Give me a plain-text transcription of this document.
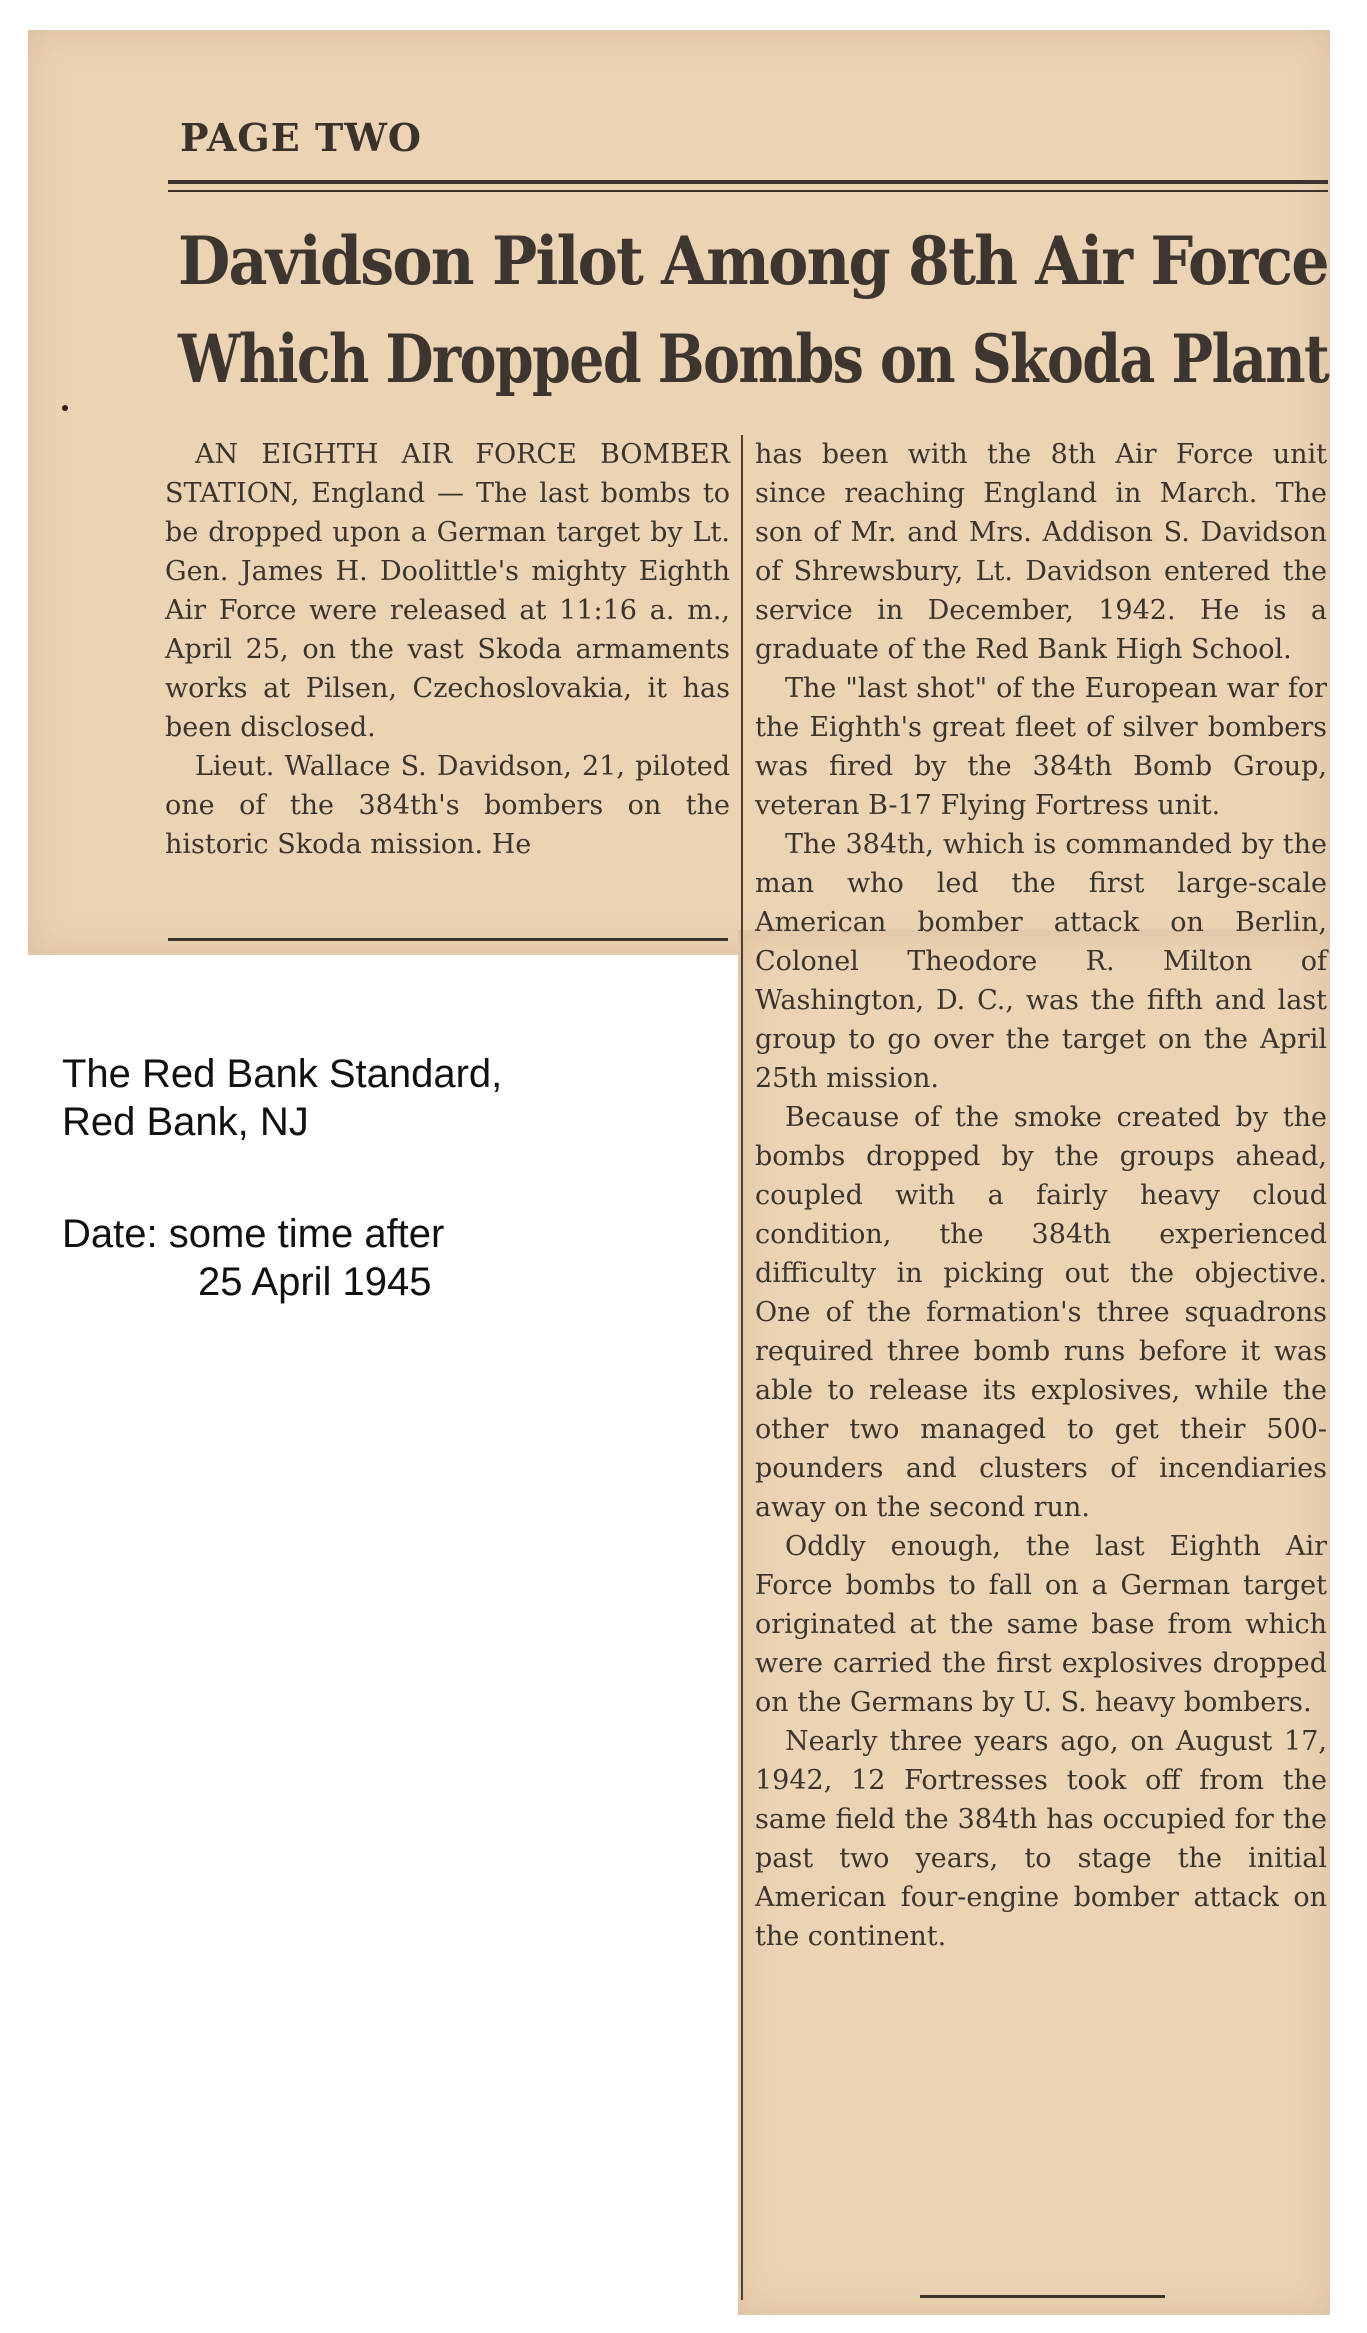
PAGE TWO
Davidson Pilot Among 8th Air Force
Which Dropped Bombs on Skoda Plant

AN EIGHTH AIR FORCE BOMBER STATION, England — The last bombs to be dropped upon a German target by Lt. Gen. James H. Doolittle's mighty Eighth Air Force were released at 11:16 a. m., April 25, on the vast Skoda armaments works at Pilsen, Czechoslovakia, it has been disclosed.

Lieut. Wallace S. Davidson, 21, piloted one of the 384th's bombers on the historic Skoda mission. He

has been with the 8th Air Force unit since reaching England in March. The son of Mr. and Mrs. Addison S. Davidson of Shrewsbury, Lt. Davidson entered the service in December, 1942. He is a graduate of the Red Bank High School.

The "last shot" of the European war for the Eighth's great fleet of silver bombers was fired by the 384th Bomb Group, veteran B-17 Flying Fortress unit.

The 384th, which is commanded by the man who led the first large-scale American bomber attack on Berlin, Colonel Theodore R. Milton of Washington, D. C., was the fifth and last group to go over the target on the April 25th mission.

Because of the smoke created by the bombs dropped by the groups ahead, coupled with a fairly heavy cloud condition, the 384th experienced difficulty in picking out the objective. One of the formation's three squadrons required three bomb runs before it was able to release its explosives, while the other two managed to get their 500-pounders and clusters of incendiaries away on the second run.

Oddly enough, the last Eighth Air Force bombs to fall on a German target originated at the same base from which were carried the first explosives dropped on the Germans by U. S. heavy bombers.

Nearly three years ago, on August 17, 1942, 12 Fortresses took off from the same field the 384th has occupied for the past two years, to stage the initial American four-engine bomber attack on the continent.

The Red Bank Standard,
Red Bank, NJ
Date: some time after
25 April 1945
